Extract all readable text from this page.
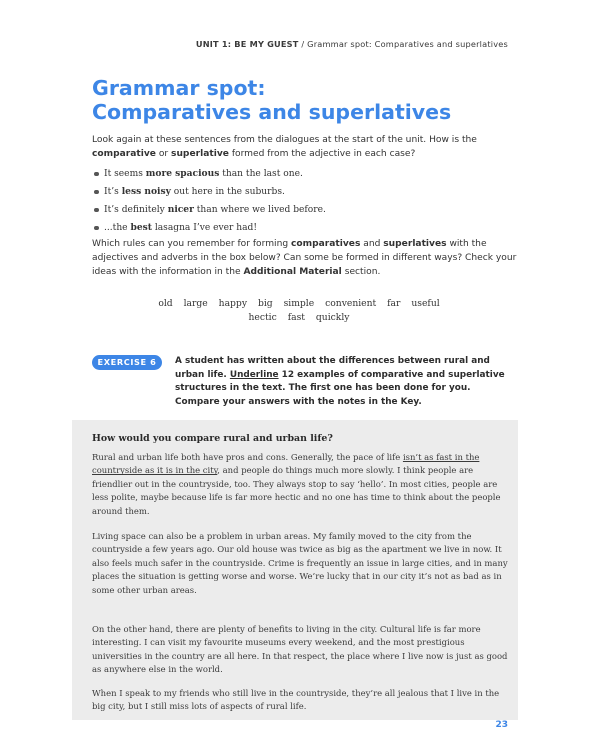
UNIT 1: BE MY GUEST / Grammar spot: Comparatives and superlatives
Grammar spot:
Comparatives and superlatives

Look again at these sentences from the dialogues at the start of the unit. How is the comparative or superlative formed from the adjective in each case?

It seems more spacious than the last one.
It’s less noisy out here in the suburbs.
It’s definitely nicer than where we lived before.
...the best lasagna I’ve ever had!

Which rules can you remember for forming comparatives and superlatives with the adjectives and adverbs in the box below? Can some be formed in different ways? Check your ideas with the information in the Additional Material section.

old large happy big simple convenient far useful
hectic fast quickly
EXERCISE 6	A student has written about the differences between rural and urban life. Underline 12 examples of comparative and superlative structures in the text. The first one has been done for you. Compare your answers with the notes in the Key.

How would you compare rural and urban life?

Rural and urban life both have pros and cons. Generally, the pace of life isn’t as fast in the countryside as it is in the city, and people do things much more slowly. I think people are friendlier out in the countryside, too. They always stop to say ‘hello’. In most cities, people are less polite, maybe because life is far more hectic and no one has time to think about the people around them.

Living space can also be a problem in urban areas. My family moved to the city from the countryside a few years ago. Our old house was twice as big as the apartment we live in now. It also feels much safer in the countryside. Crime is frequently an issue in large cities, and in many places the situation is getting worse and worse. We’re lucky that in our city it’s not as bad as in some other urban areas.

On the other hand, there are plenty of benefits to living in the city. Cultural life is far more interesting. I can visit my favourite museums every weekend, and the most prestigious universities in the country are all here. In that respect, the place where I live now is just as good as anywhere else in the world.

When I speak to my friends who still live in the countryside, they’re all jealous that I live in the big city, but I still miss lots of aspects of rural life.

23
